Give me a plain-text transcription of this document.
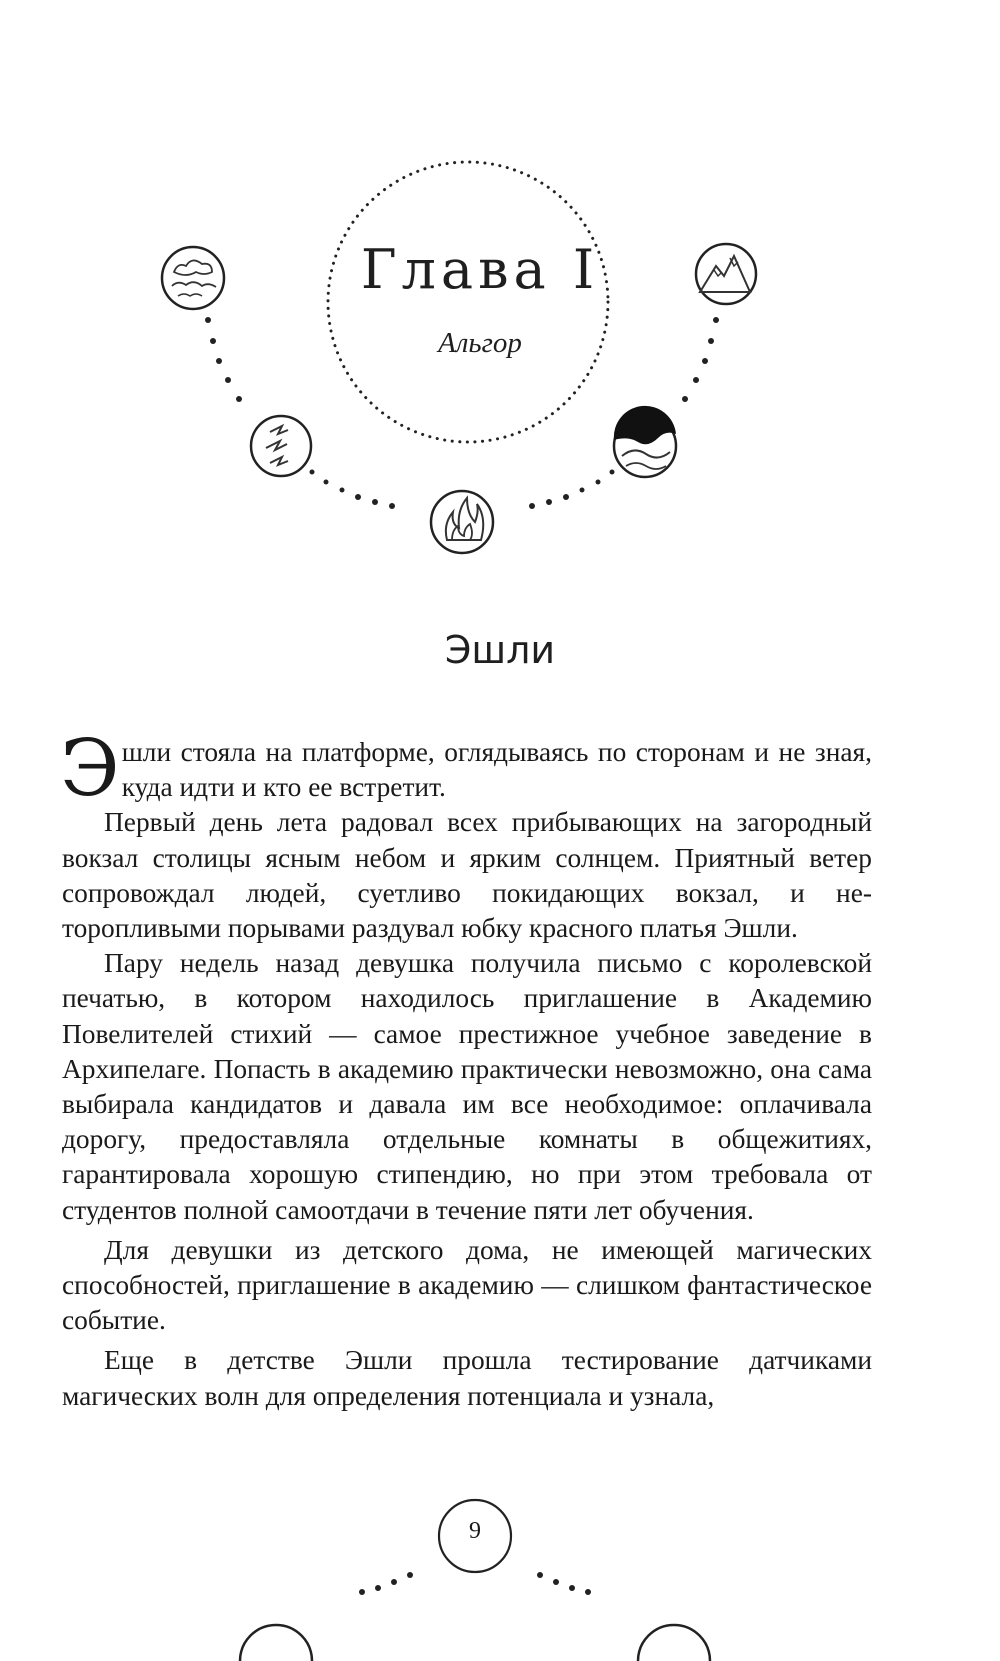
Глава I
Альгор
Эшли

Эшли стояла на платформе, оглядываясь по сторонам и не зная, куда идти и кто ее встретит.

Первый день лета радовал всех прибывающих на загородный вокзал столицы ясным небом и ярким солнцем. Приятный ветер сопровождал людей, суетливо покидающих вокзал, и неторопливыми порывами раздувал юбку красного платья Эшли.

Пару недель назад девушка получила письмо с королевской печатью, в котором находилось приглашение в Академию Повелителей стихий — самое престижное учебное заведение в Архипелаге. Попасть в академию практически невозможно, она сама выбирала кандидатов и давала им все необходимое: оплачивала дорогу, предоставляла отдельные комнаты в общежитиях, гарантировала хорошую стипендию, но при этом требовала от студентов полной самоотдачи в течение пяти лет обучения.

Для девушки из детского дома, не имеющей магических способностей, приглашение в академию — слишком фантастическое событие.

Еще в детстве Эшли прошла тестирование датчиками магических волн для определения потенциала и узнала,

9
